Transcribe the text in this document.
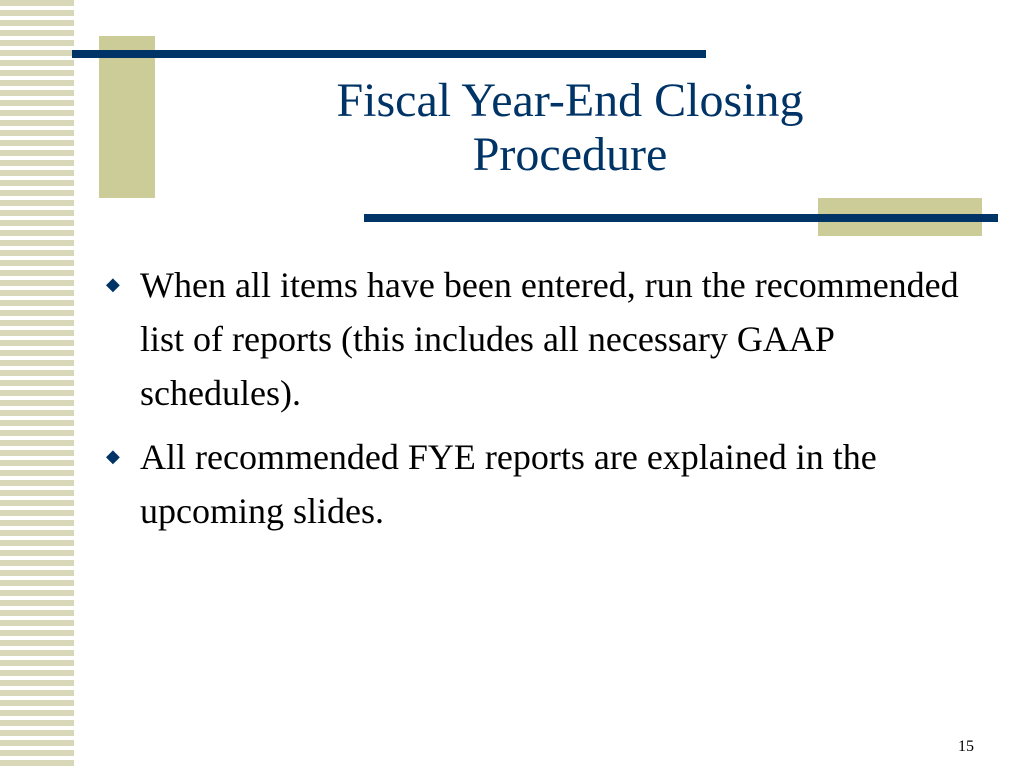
Fiscal Year-End Closing
Procedure
◆ When all items have been entered, run the recommended list of reports (this includes all necessary GAAP schedules).
◆ All recommended FYE reports are explained in the upcoming slides.
15
